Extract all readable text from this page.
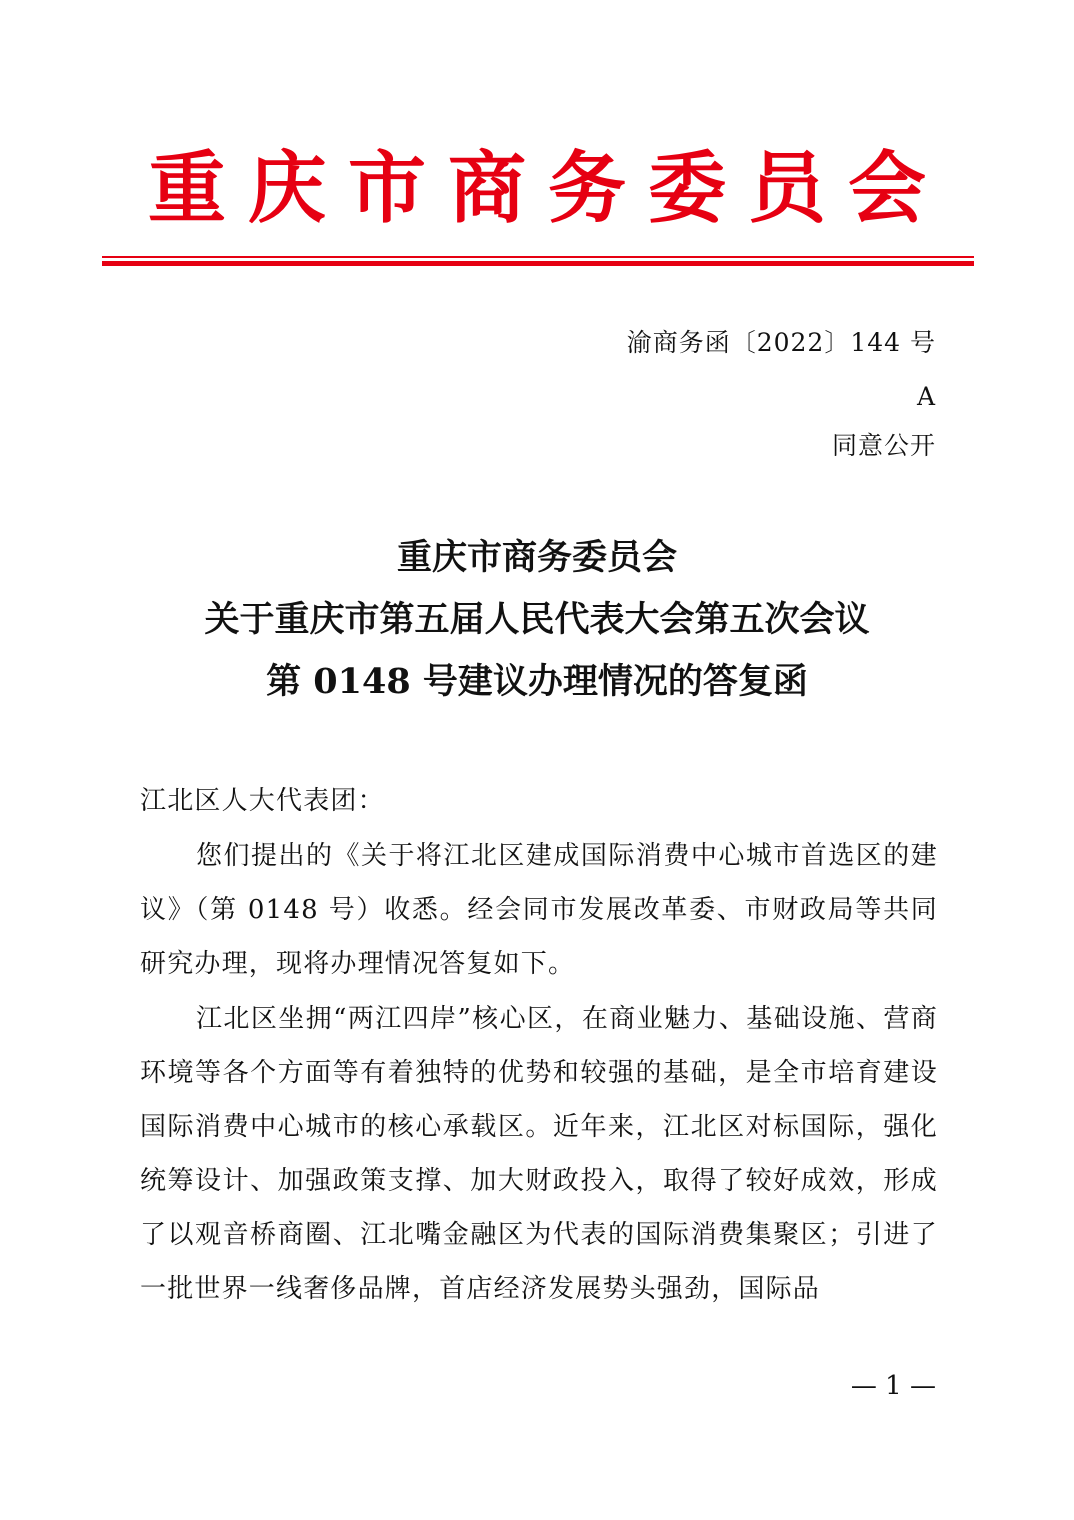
重庆市商务委员会
渝商务函〔2022〕144 号
A
同意公开
重庆市商务委员会
关于重庆市第五届人民代表大会第五次会议
第 0148 号建议办理情况的答复函
江北区人大代表团：

您们提出的《关于将江北区建成国际消费中心城市首选区的建议》（第 0148 号）收悉。经会同市发展改革委、市财政局等共同研究办理，现将办理情况答复如下。

江北区坐拥“两江四岸”核心区，在商业魅力、基础设施、营商环境等各个方面等有着独特的优势和较强的基础，是全市培育建设国际消费中心城市的核心承载区。近年来，江北区对标国际，强化统筹设计、加强政策支撑、加大财政投入，取得了较好成效，形成了以观音桥商圈、江北嘴金融区为代表的国际消费集聚区；引进了一批世界一线奢侈品牌，首店经济发展势头强劲，国际品

— 1 —
